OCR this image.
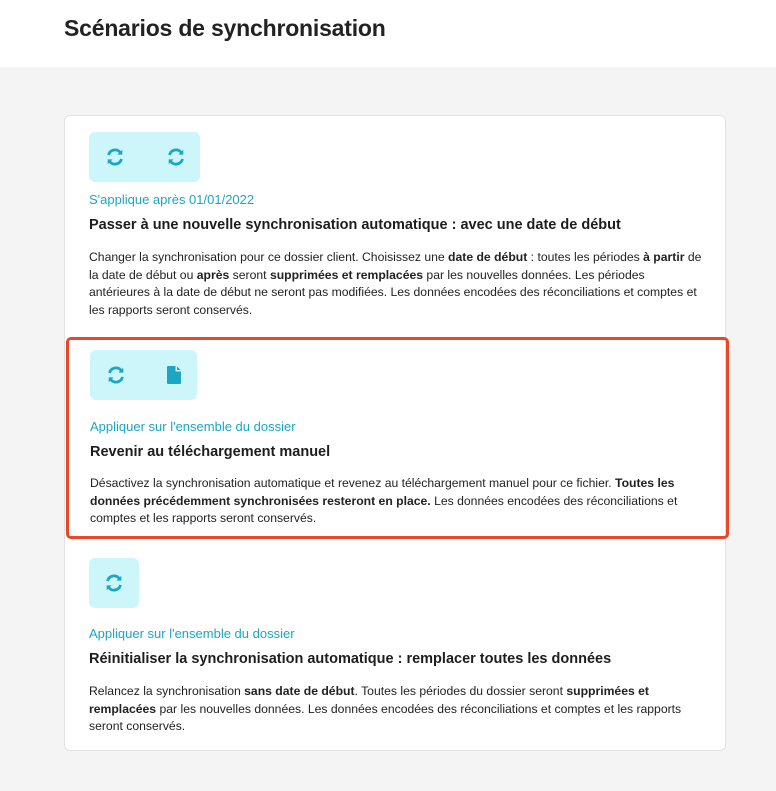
Scénarios de synchronisation
S'applique après 01/01/2022
Passer à une nouvelle synchronisation automatique : avec une date de début
Changer la synchronisation pour ce dossier client. Choisissez une date de début : toutes les périodes à partir de la date de début ou après seront supprimées et remplacées par les nouvelles données. Les périodes antérieures à la date de début ne seront pas modifiées. Les données encodées des réconciliations et comptes et les rapports seront conservés.
Appliquer sur l'ensemble du dossier
Revenir au téléchargement manuel
Désactivez la synchronisation automatique et revenez au téléchargement manuel pour ce fichier. Toutes les données précédemment synchronisées resteront en place. Les données encodées des réconciliations et comptes et les rapports seront conservés.
Appliquer sur l'ensemble du dossier
Réinitialiser la synchronisation automatique : remplacer toutes les données
Relancez la synchronisation sans date de début. Toutes les périodes du dossier seront supprimées et remplacées par les nouvelles données. Les données encodées des réconciliations et comptes et les rapports seront conservés.
